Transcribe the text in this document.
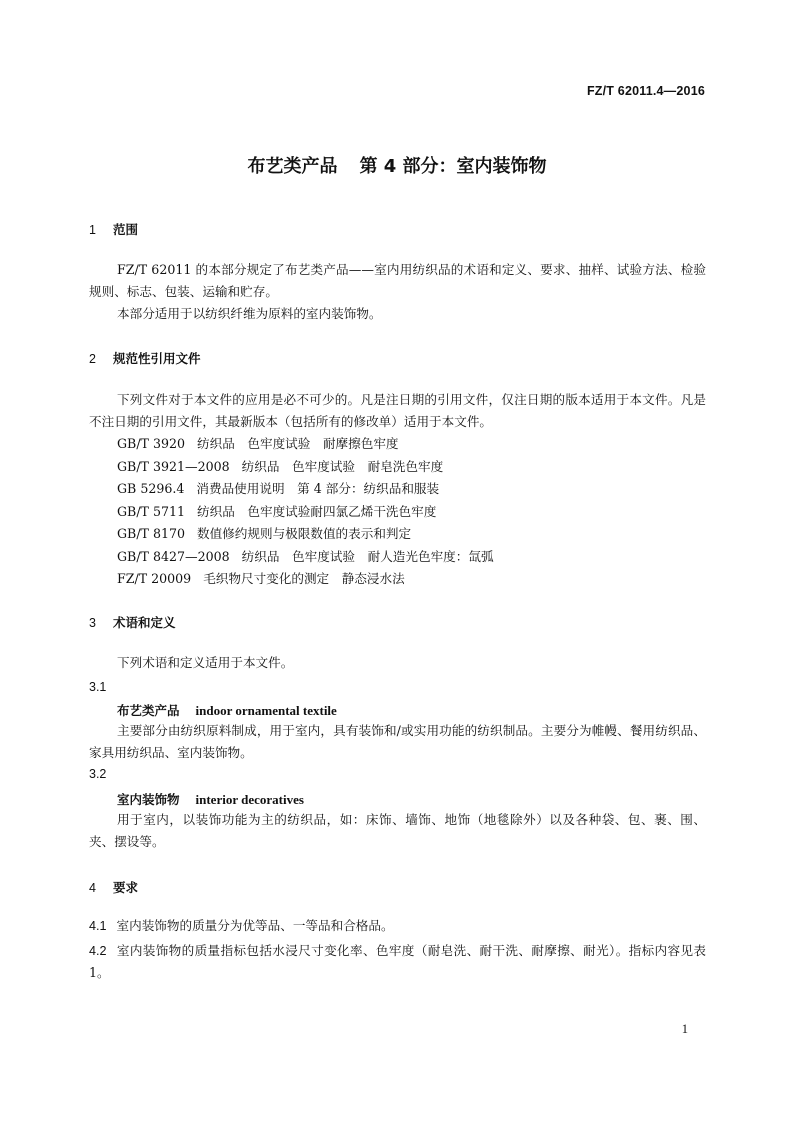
FZ/T 62011.4—2016
布艺类产品 第 4 部分：室内装饰物
1 范围
FZ/T 62011 的本部分规定了布艺类产品——室内用纺织品的术语和定义、要求、抽样、试验方法、检验规则、标志、包装、运输和贮存。
本部分适用于以纺织纤维为原料的室内装饰物。
2 规范性引用文件
下列文件对于本文件的应用是必不可少的。凡是注日期的引用文件，仅注日期的版本适用于本文件。凡是不注日期的引用文件，其最新版本（包括所有的修改单）适用于本文件。
GB/T 3920 纺织品　色牢度试验　耐摩擦色牢度
GB/T 3921—2008 纺织品　色牢度试验　耐皂洗色牢度
GB 5296.4 消费品使用说明　第 4 部分：纺织品和服装
GB/T 5711 纺织品　色牢度试验耐四氯乙烯干洗色牢度
GB/T 8170 数值修约规则与极限数值的表示和判定
GB/T 8427—2008 纺织品　色牢度试验　耐人造光色牢度：氙弧
FZ/T 20009 毛织物尺寸变化的测定　静态浸水法
3 术语和定义
下列术语和定义适用于本文件。
3.1
布艺类产品 indoor ornamental textile
主要部分由纺织原料制成，用于室内，具有装饰和/或实用功能的纺织制品。主要分为帷幔、餐用纺织品、家具用纺织品、室内装饰物。
3.2
室内装饰物 interior decoratives
用于室内，以装饰功能为主的纺织品，如：床饰、墙饰、地饰（地毯除外）以及各种袋、包、裹、围、夹、摆设等。
4 要求
4.1 室内装饰物的质量分为优等品、一等品和合格品。
4.2 室内装饰物的质量指标包括水浸尺寸变化率、色牢度（耐皂洗、耐干洗、耐摩擦、耐光）。指标内容见表 1。
1
